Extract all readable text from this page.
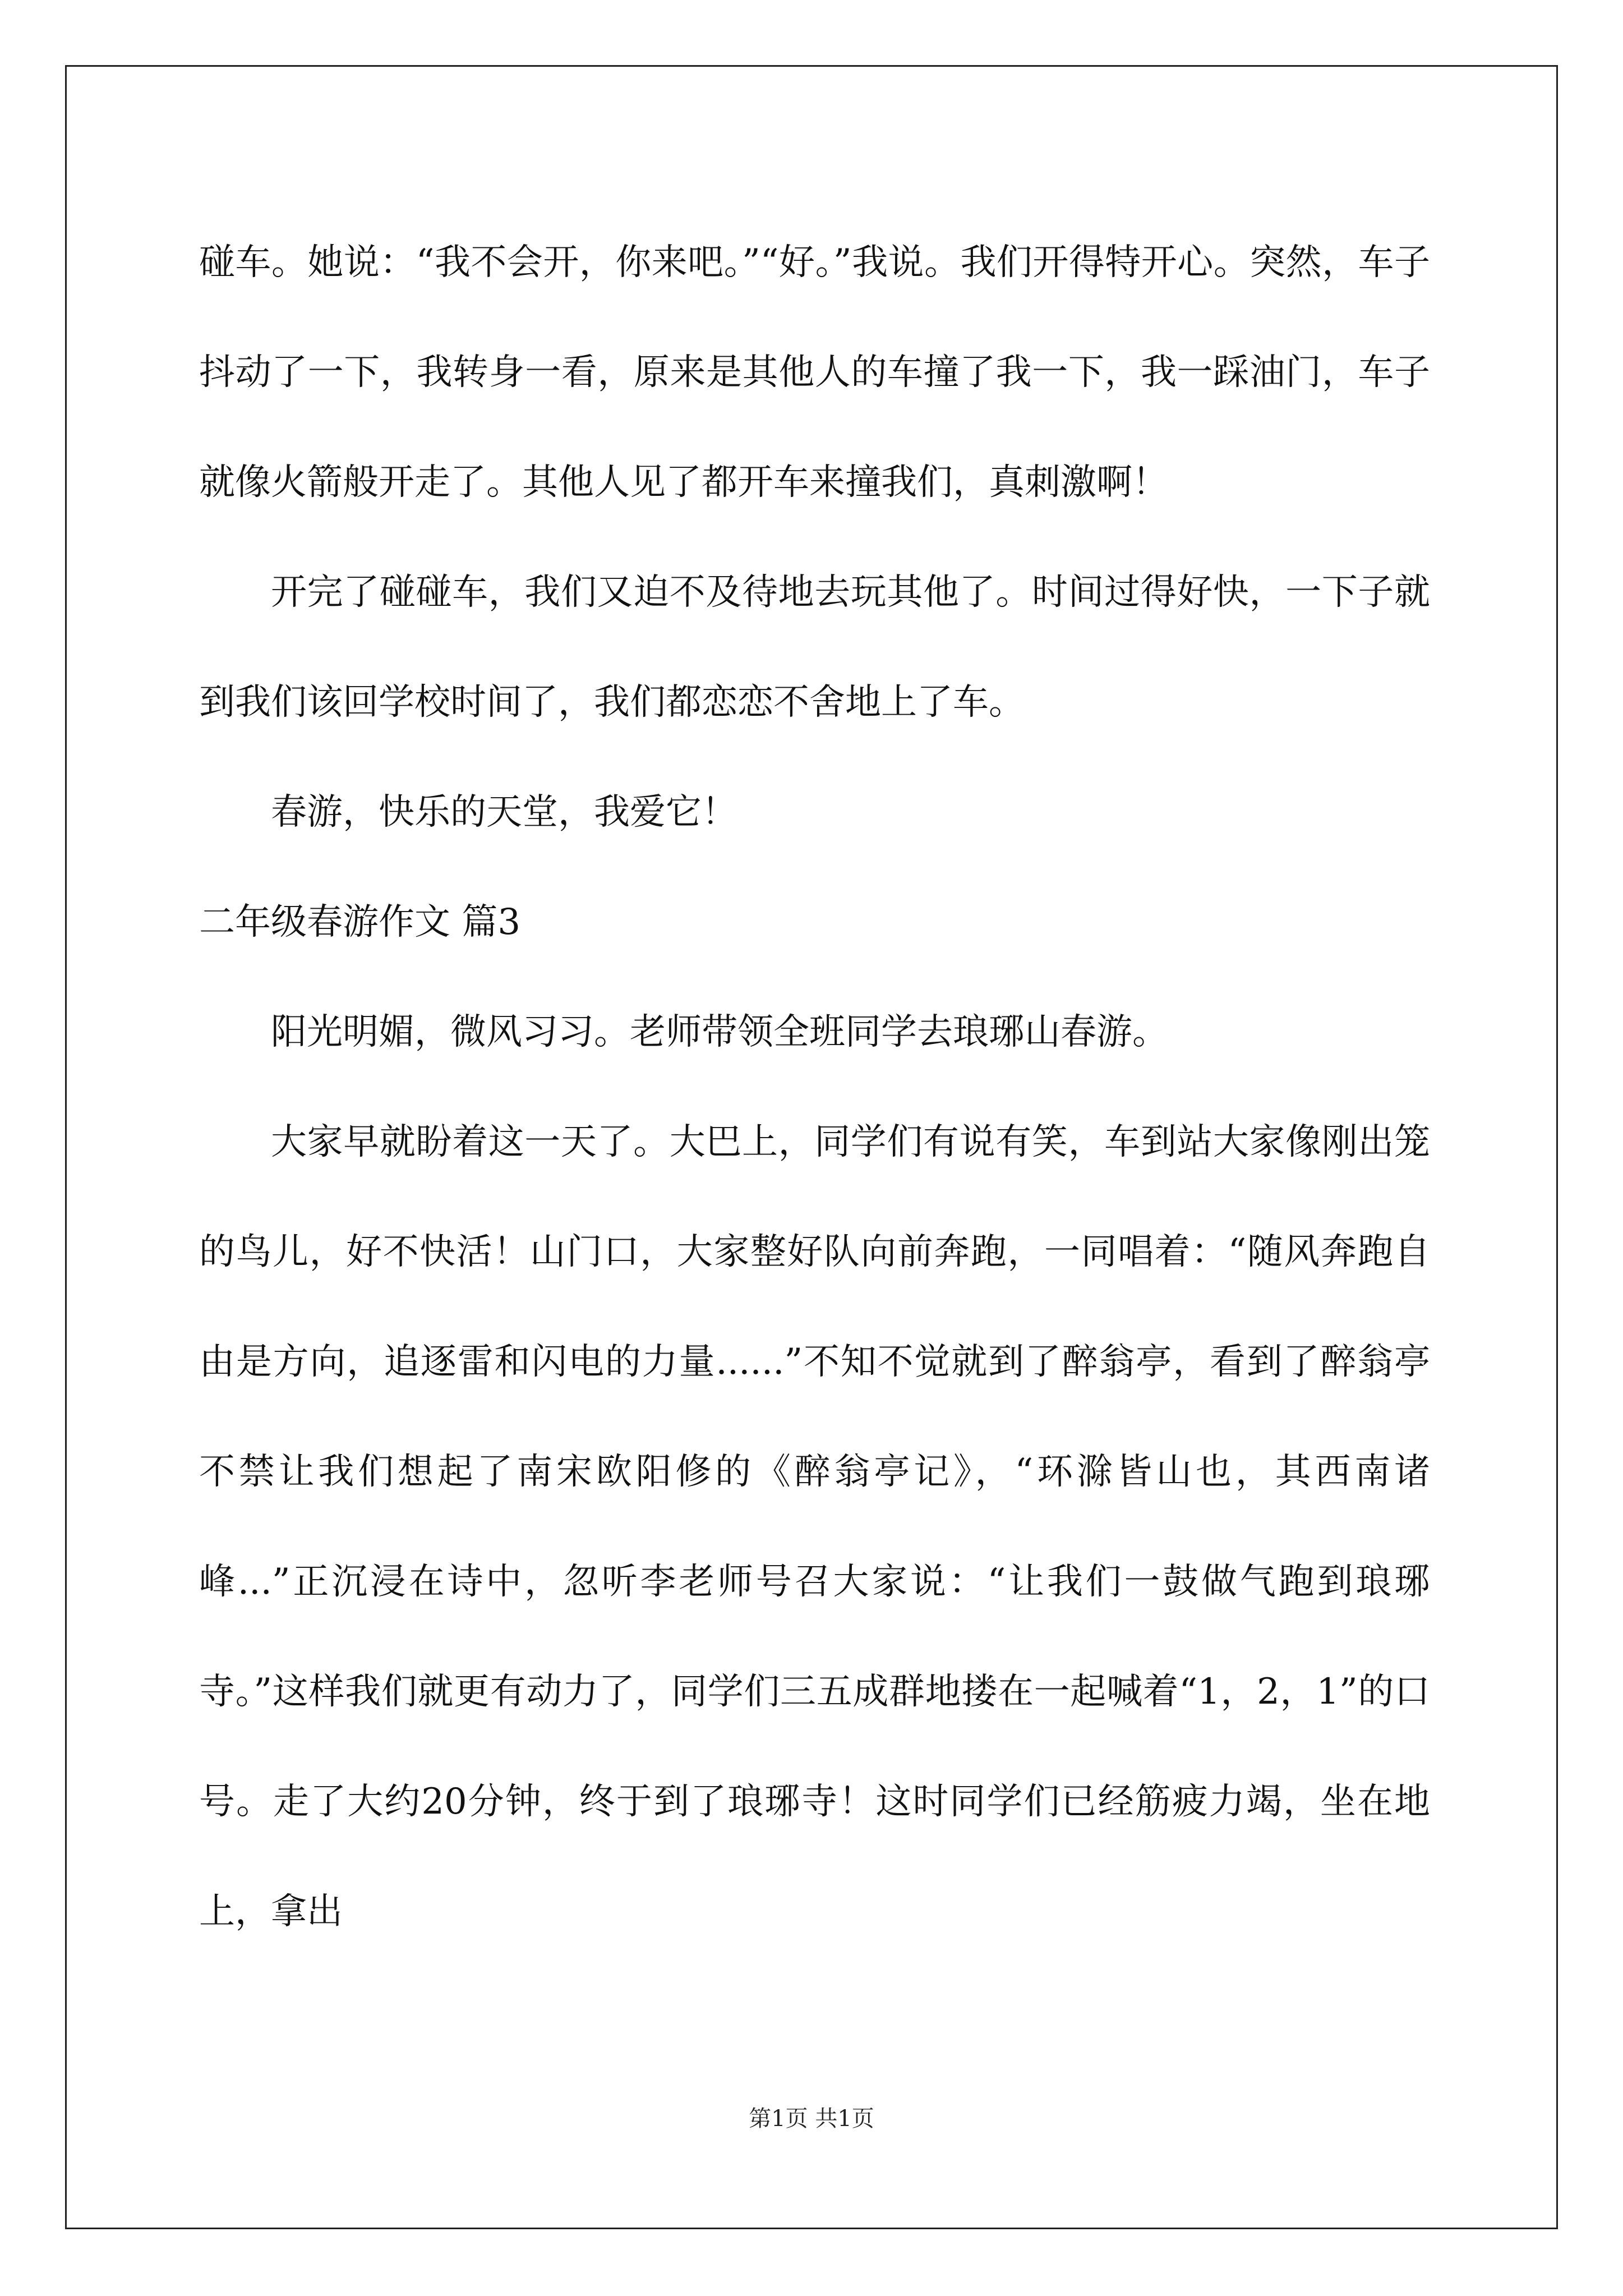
碰车。她说：“我不会开，你来吧。”“好。”我说。我们开得特开心。突然，车子抖动了一下，我转身一看，原来是其他人的车撞了我一下，我一踩油门，车子就像火箭般开走了。其他人见了都开车来撞我们，真刺激啊！

开完了碰碰车，我们又迫不及待地去玩其他了。时间过得好快，一下子就到我们该回学校时间了，我们都恋恋不舍地上了车。

春游，快乐的天堂，我爱它！

二年级春游作文 篇3

阳光明媚，微风习习。老师带领全班同学去琅琊山春游。

大家早就盼着这一天了。大巴上，同学们有说有笑，车到站大家像刚出笼的鸟儿，好不快活！山门口，大家整好队向前奔跑，一同唱着：“随风奔跑自由是方向，追逐雷和闪电的力量......”不知不觉就到了醉翁亭，看到了醉翁亭不禁让我们想起了南宋欧阳修的《醉翁亭记》，“环滁皆山也，其西南诸峰...”正沉浸在诗中，忽听李老师号召大家说：“让我们一鼓做气跑到琅琊寺。”这样我们就更有动力了，同学们三五成群地搂在一起喊着“1，2，1”的口号。走了大约20分钟，终于到了琅琊寺！这时同学们已经筋疲力竭，坐在地上，拿出

第1页 共1页
